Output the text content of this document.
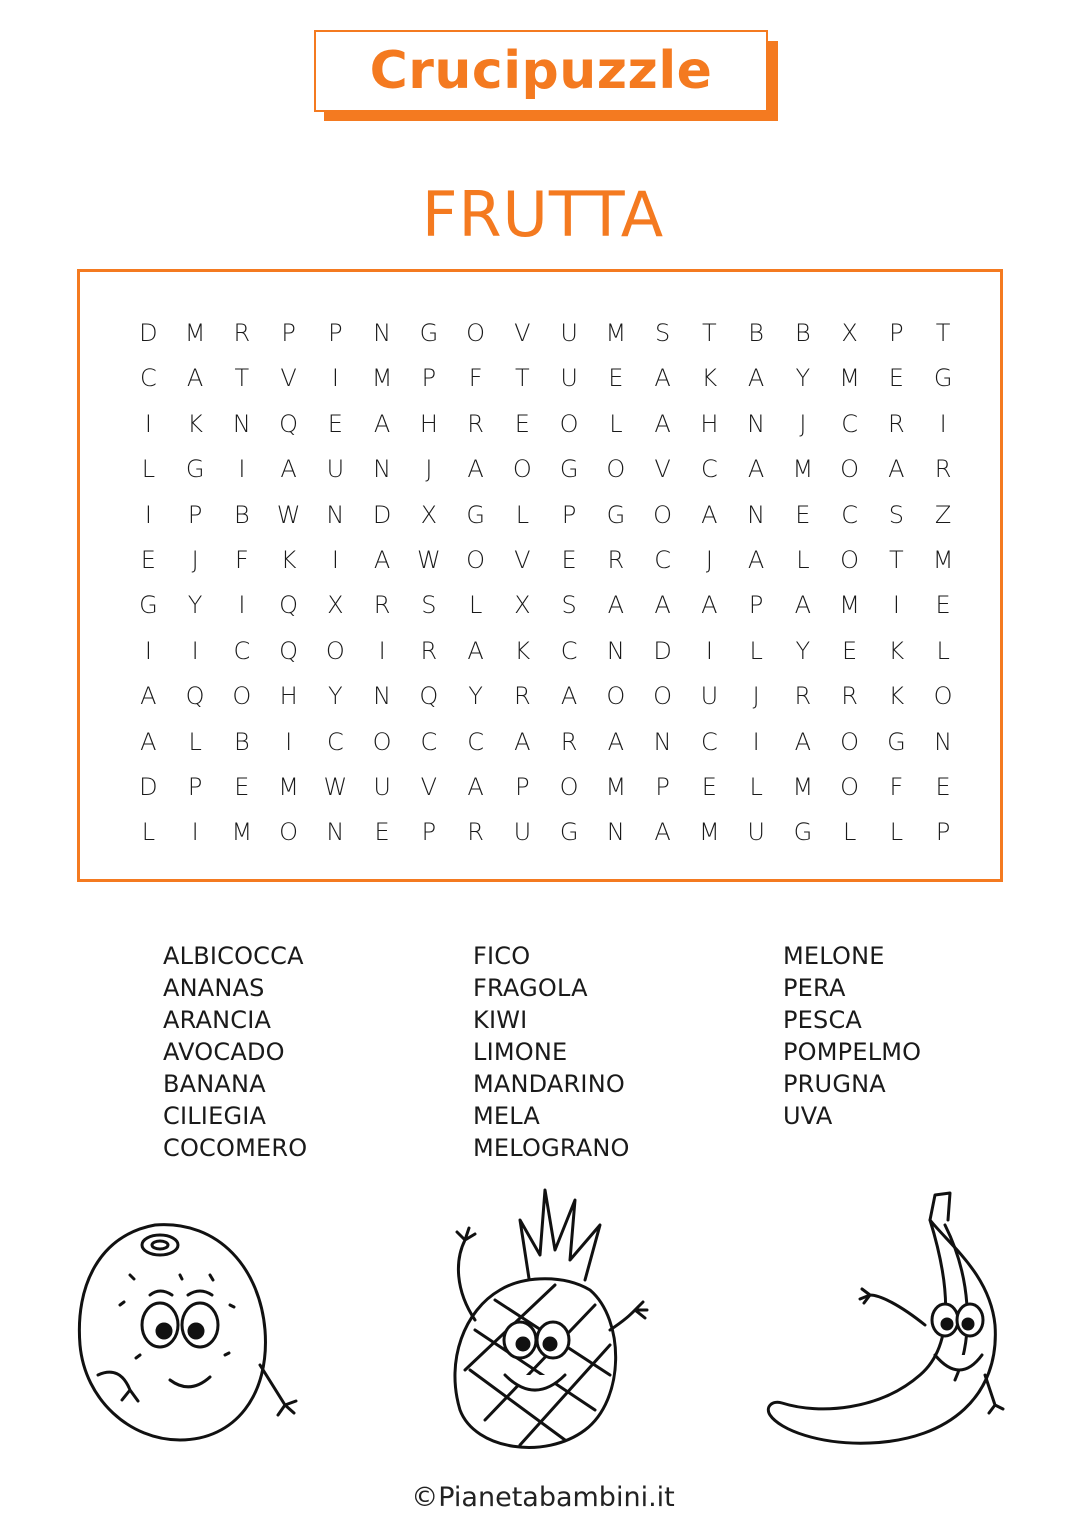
Crucipuzzle
FRUTTA
D	M	R	P	P	N	G	O	V	U	M	S	T	B	B	X	P	T
C	A	T	V	I	M	P	F	T	U	E	A	K	A	Y	M	E	G
I	K	N	Q	E	A	H	R	E	O	L	A	H	N	J	C	R	I
L	G	I	A	U	N	J	A	O	G	O	V	C	A	M	O	A	R
I	P	B	W	N	D	X	G	L	P	G	O	A	N	E	C	S	Z
E	J	F	K	I	A	W	O	V	E	R	C	J	A	L	O	T	M
G	Y	I	Q	X	R	S	L	X	S	A	A	A	P	A	M	I	E
I	I	C	Q	O	I	R	A	K	C	N	D	I	L	Y	E	K	L
A	Q	O	H	Y	N	Q	Y	R	A	O	O	U	J	R	R	K	O
A	L	B	I	C	O	C	C	A	R	A	N	C	I	A	O	G	N
D	P	E	M	W	U	V	A	P	O	M	P	E	L	M	O	F	E
L	I	M	O	N	E	P	R	U	G	N	A	M	U	G	L	L	P
ALBICOCCA
ANANAS
ARANCIA
AVOCADO
BANANA
CILIEGIA
COCOMERO
FICO
FRAGOLA
KIWI
LIMONE
MANDARINO
MELA
MELOGRANO
MELONE
PERA
PESCA
POMPELMO
PRUGNA
UVA
©Pianetabambini.it
